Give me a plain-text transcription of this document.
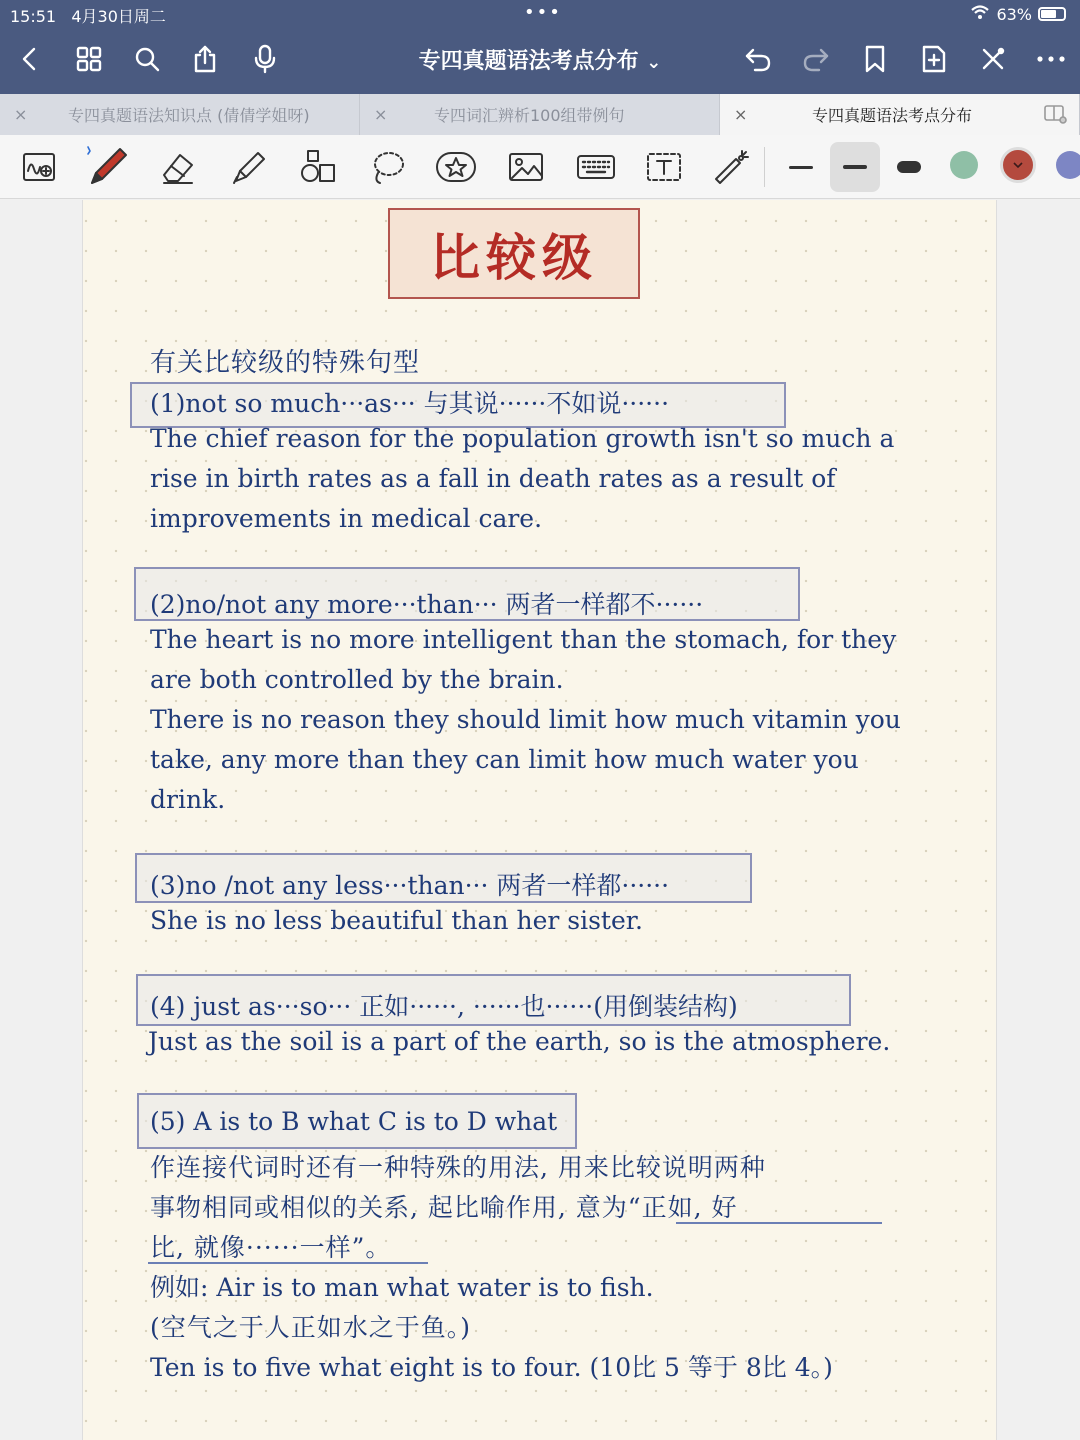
15:51 4月30日周二	•••	63%
专四真题语法考点分布 ⌄
×	专四真题语法知识点 (倩倩学姐呀)	×	专四词汇辨析100组带例句	×	专四真题语法考点分布
比较级
有关比较级的特殊句型
(1)not so much···as··· 与其说······不如说······
The chief reason for the population growth isn't so much a
rise in birth rates as a fall in death rates as a result of
improvements in medical care.
(2)no/not any more···than··· 两者一样都不······
The heart is no more intelligent than the stomach, for they
are both controlled by the brain.
There is no reason they should limit how much vitamin you
take, any more than they can limit how much water you
drink.
(3)no /not any less···than··· 两者一样都······
She is no less beautiful than her sister.
(4) just as···so··· 正如······, ······也······(用倒装结构)
Just as the soil is a part of the earth, so is the atmosphere.
(5) A is to B what C is to D what
作连接代词时还有一种特殊的用法, 用来比较说明两种
事物相同或相似的关系, 起比喻作用, 意为“正如, 好
比, 就像······一样”。
例如: Air is to man what water is to fish.
(空气之于人正如水之于鱼。)
Ten is to five what eight is to four. (10比 5 等于 8比 4。)
